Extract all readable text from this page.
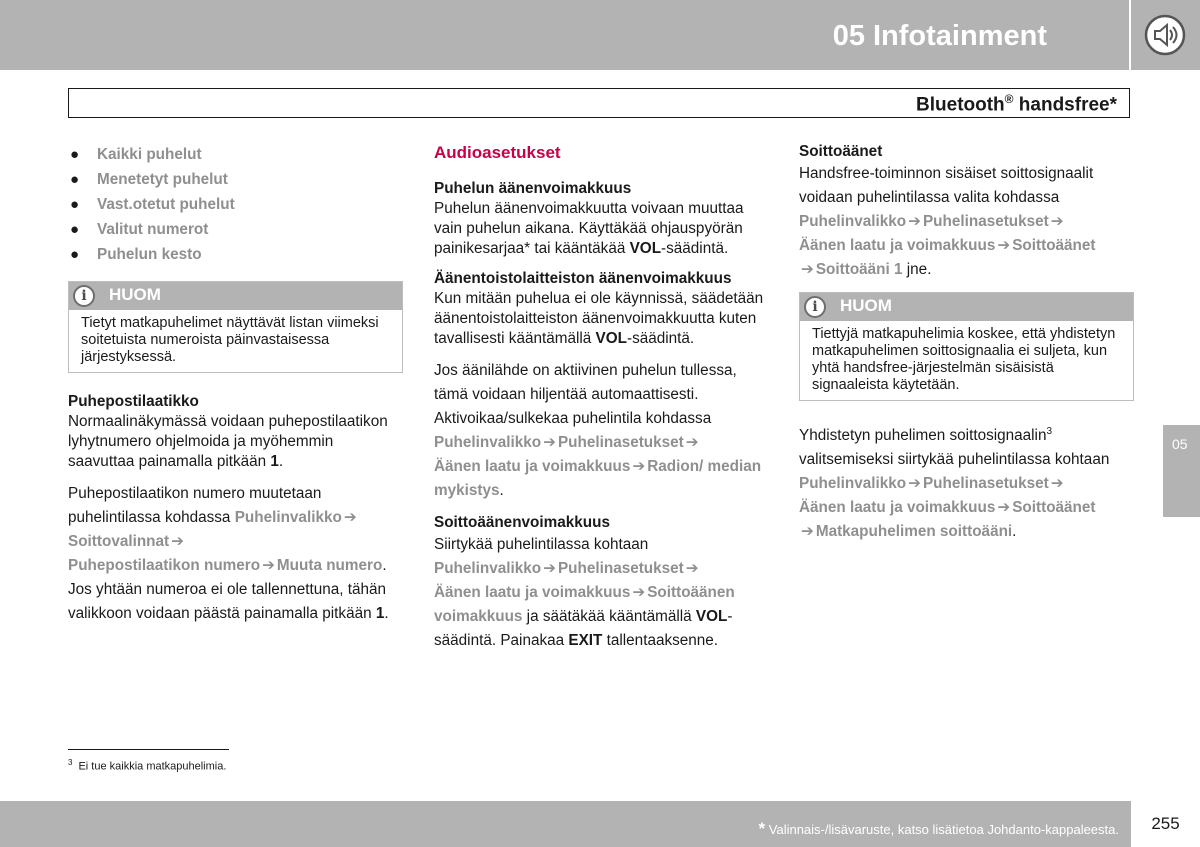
05 Infotainment
Bluetooth® handsfree*
● Kaikki puhelut
● Menetetyt puhelut
● Vast.otetut puhelut
● Valitut numerot
● Puhelun kesto
i	HUOM
Tietyt matkapuhelimet näyttävät listan viimeksi soitetuista numeroista päinvastaisessa järjestyksessä.
Puhepostilaatikko

Normaalinäkymässä voidaan puhepostilaatikon lyhytnumero ohjelmoida ja myöhemmin saavuttaa painamalla pitkään 1.

Puhepostilaatikon numero muutetaan puhelintilassa kohdassa Puhelinvalikko ➔
Soittovalinnat ➔
Puhepostilaatikon numero ➔ Muuta numero. Jos yhtään numeroa ei ole tallennettuna, tähän valikkoon voidaan päästä painamalla pitkään 1.

Audioasetukset
Puhelun äänenvoimakkuus

Puhelun äänenvoimakkuutta voivaan muuttaa vain puhelun aikana. Käyttäkää ohjauspyörän painikesarjaa* tai kääntäkää VOL-säädintä.

Äänentoistolaitteiston äänenvoimakkuus

Kun mitään puhelua ei ole käynnissä, säädetään äänentoistolaitteiston äänenvoimakkuutta kuten tavallisesti kääntämällä VOL-säädintä.

Jos äänilähde on aktiivinen puhelun tullessa, tämä voidaan hiljentää automaattisesti. Aktivoikaa/sulkekaa puhelintila kohdassa
Puhelinvalikko ➔ Puhelinasetukset ➔
Äänen laatu ja voimakkuus ➔ Radion/ median mykistys.

Soittoäänenvoimakkuus

Siirtykää puhelintilassa kohtaan
Puhelinvalikko ➔ Puhelinasetukset ➔
Äänen laatu ja voimakkuus ➔ Soittoäänen voimakkuus ja säätäkää kääntämällä VOL-säädintä. Painakaa EXIT tallentaaksenne.

Soittoäänet

Handsfree-toiminnon sisäiset soittosignaalit voidaan puhelintilassa valita kohdassa
Puhelinvalikko ➔ Puhelinasetukset ➔
Äänen laatu ja voimakkuus ➔ Soittoäänet
➔ Soittoääni 1 jne.

i	HUOM
Tiettyjä matkapuhelimia koskee, että yhdistetyn matkapuhelimen soittosignaalia ei suljeta, kun yhtä handsfree-järjestelmän sisäisistä signaaleista käytetään.

Yhdistetyn puhelimen soittosignaalin$^3$ valitsemiseksi siirtykää puhelintilassa kohtaan
Puhelinvalikko ➔ Puhelinasetukset ➔
Äänen laatu ja voimakkuus ➔ Soittoäänet
➔ Matkapuhelimen soittoääni.

$^3$ Ei tue kaikkia matkapuhelimia.
05
* Valinnais-/lisävaruste, katso lisätietoa Johdanto-kappaleesta.	255
